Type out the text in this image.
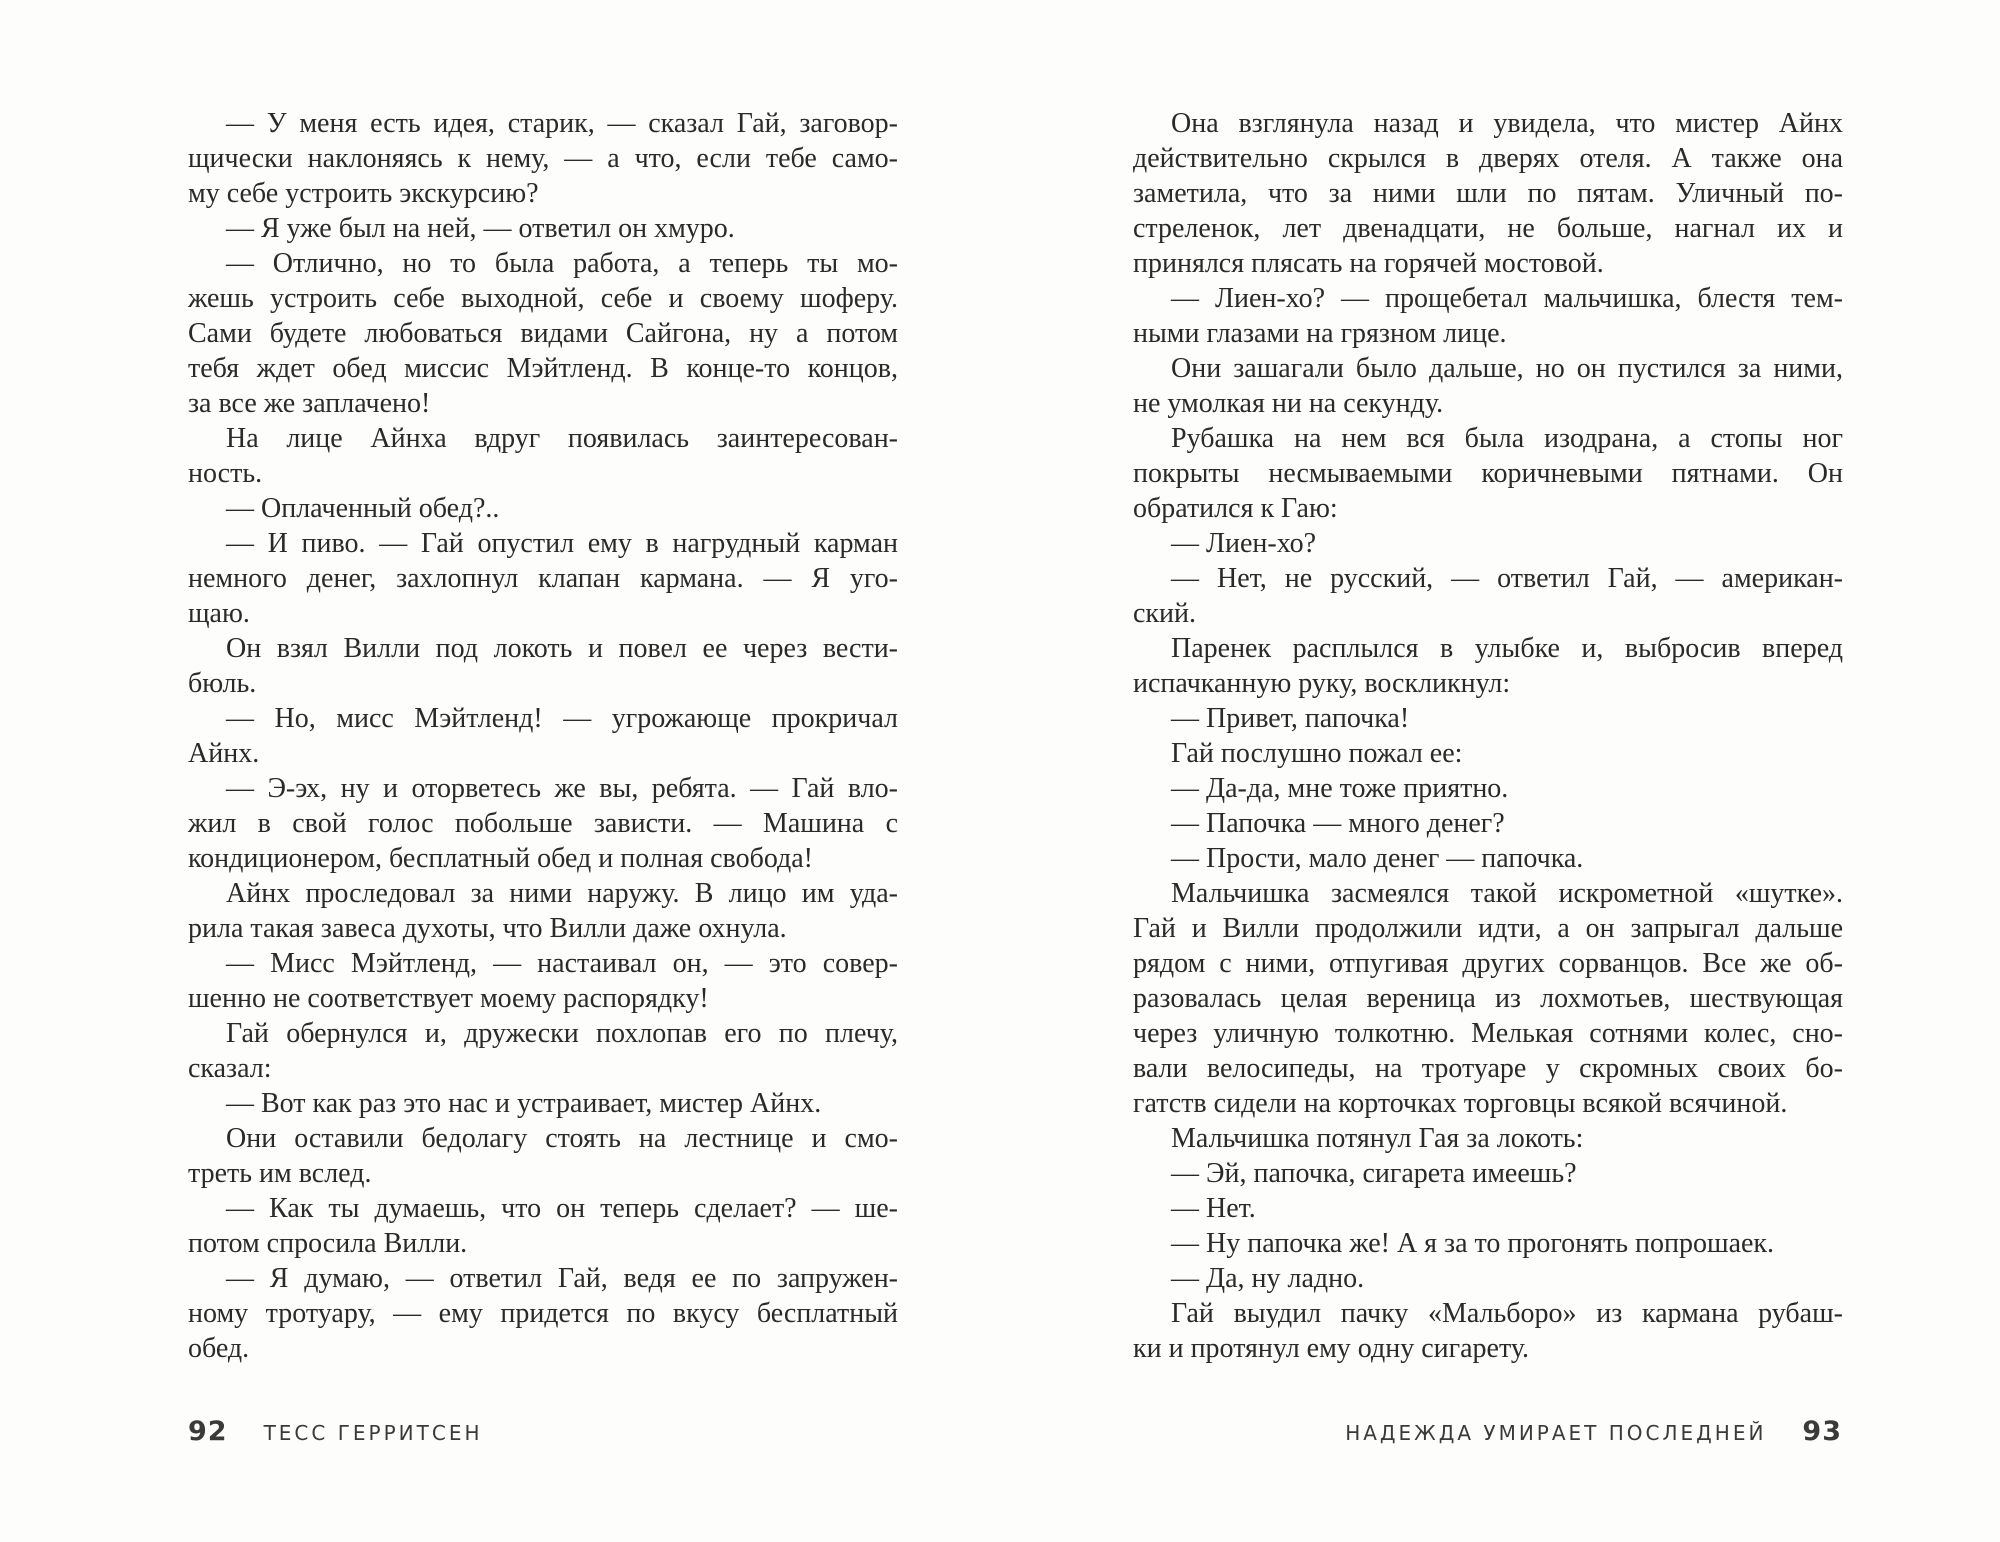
— У меня есть идея, старик, — сказал Гай, заговор-
щически наклоняясь к нему, — а что, если тебе само-
му себе устроить экскурсию?
— Я уже был на ней, — ответил он хмуро.
— Отлично, но то была работа, а теперь ты мо-
жешь устроить себе выходной, себе и своему шоферу.
Сами будете любоваться видами Сайгона, ну а потом
тебя ждет обед миссис Мэйтленд. В конце-то концов,
за все же заплачено!
На лице Айнха вдруг появилась заинтересован-
ность.
— Оплаченный обед?..
— И пиво. — Гай опустил ему в нагрудный карман
немного денег, захлопнул клапан кармана. — Я уго-
щаю.
Он взял Вилли под локоть и повел ее через вести-
бюль.
— Но, мисс Мэйтленд! — угрожающе прокричал
Айнх.
— Э-эх, ну и оторветесь же вы, ребята. — Гай вло-
жил в свой голос побольше зависти. — Машина с
кондиционером, бесплатный обед и полная свобода!
Айнх проследовал за ними наружу. В лицо им уда-
рила такая завеса духоты, что Вилли даже охнула.
— Мисс Мэйтленд, — настаивал он, — это совер-
шенно не соответствует моему распорядку!
Гай обернулся и, дружески похлопав его по плечу,
сказал:
— Вот как раз это нас и устраивает, мистер Айнх.
Они оставили бедолагу стоять на лестнице и смо-
треть им вслед.
— Как ты думаешь, что он теперь сделает? — ше-
потом спросила Вилли.
— Я думаю, — ответил Гай, ведя ее по запружен-
ному тротуару, — ему придется по вкусу бесплатный
обед.
Она взглянула назад и увидела, что мистер Айнх
действительно скрылся в дверях отеля. А также она
заметила, что за ними шли по пятам. Уличный по-
стреленок, лет двенадцати, не больше, нагнал их и
принялся плясать на горячей мостовой.
— Лиен-хо? — прощебетал мальчишка, блестя тем-
ными глазами на грязном лице.
Они зашагали было дальше, но он пустился за ними,
не умолкая ни на секунду.
Рубашка на нем вся была изодрана, а стопы ног
покрыты несмываемыми коричневыми пятнами. Он
обратился к Гаю:
— Лиен-хо?
— Нет, не русский, — ответил Гай, — американ-
ский.
Паренек расплылся в улыбке и, выбросив вперед
испачканную руку, воскликнул:
— Привет, папочка!
Гай послушно пожал ее:
— Да-да, мне тоже приятно.
— Папочка — много денег?
— Прости, мало денег — папочка.
Мальчишка засмеялся такой искрометной «шутке».
Гай и Вилли продолжили идти, а он запрыгал дальше
рядом с ними, отпугивая других сорванцов. Все же об-
разовалась целая вереница из лохмотьев, шествующая
через уличную толкотню. Мелькая сотнями колес, сно-
вали велосипеды, на тротуаре у скромных своих бо-
гатств сидели на корточках торговцы всякой всячиной.
Мальчишка потянул Гая за локоть:
— Эй, папочка, сигарета имеешь?
— Нет.
— Ну папочка же! А я за то прогонять попрошаек.
— Да, ну ладно.
Гай выудил пачку «Мальборо» из кармана рубаш-
ки и протянул ему одну сигарету.
92 ТЕСС ГЕРРИТСЕН	НАДЕЖДА УМИРАЕТ ПОСЛЕДНЕЙ 93
